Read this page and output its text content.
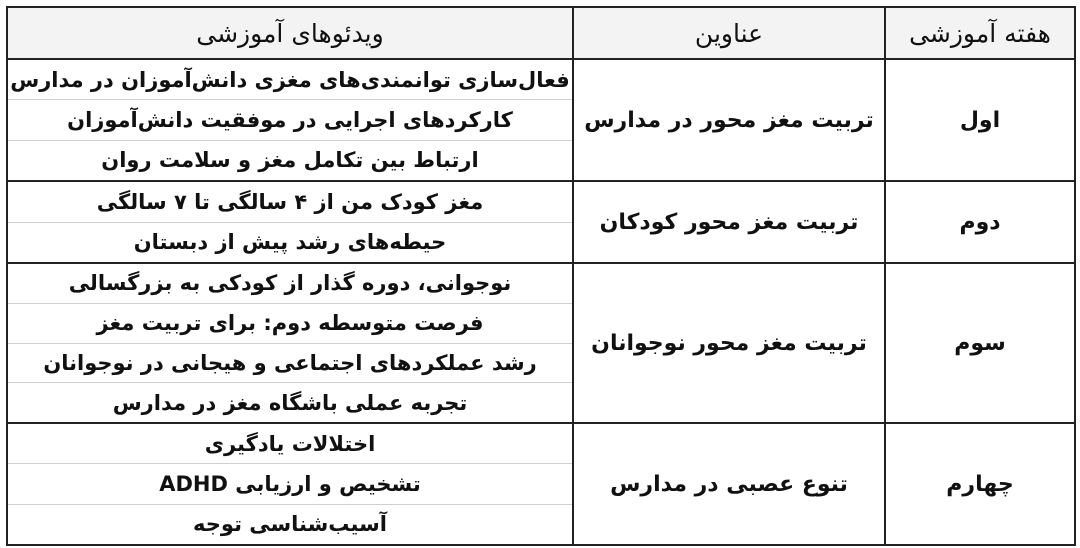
هفته آموزشی	عناوین	ویدئوهای آموزشی
اول	تربیت مغز محور در مدارس	فعال‌سازی توانمندی‌های مغزی دانش‌آموزان در مدارس
کارکردهای اجرایی در موفقیت دانش‌آموزان
ارتباط بین تکامل مغز و سلامت روان

دوم	تربیت مغز محور کودکان	مغز کودک من از ۴ سالگی تا ۷ سالگی
حیطه‌های رشد پیش از دبستان

سوم	تربیت مغز محور نوجوانان	نوجوانی، دوره گذار از کودکی به بزرگسالی
فرصت متوسطه دوم: برای تربیت مغز
رشد عملکردهای اجتماعی و هیجانی در نوجوانان
تجربه عملی باشگاه مغز در مدارس

چهارم	تنوع عصبی در مدارس	اختلالات یادگیری
تشخیص و ارزیابی ADHD
آسیب‌شناسی توجه
